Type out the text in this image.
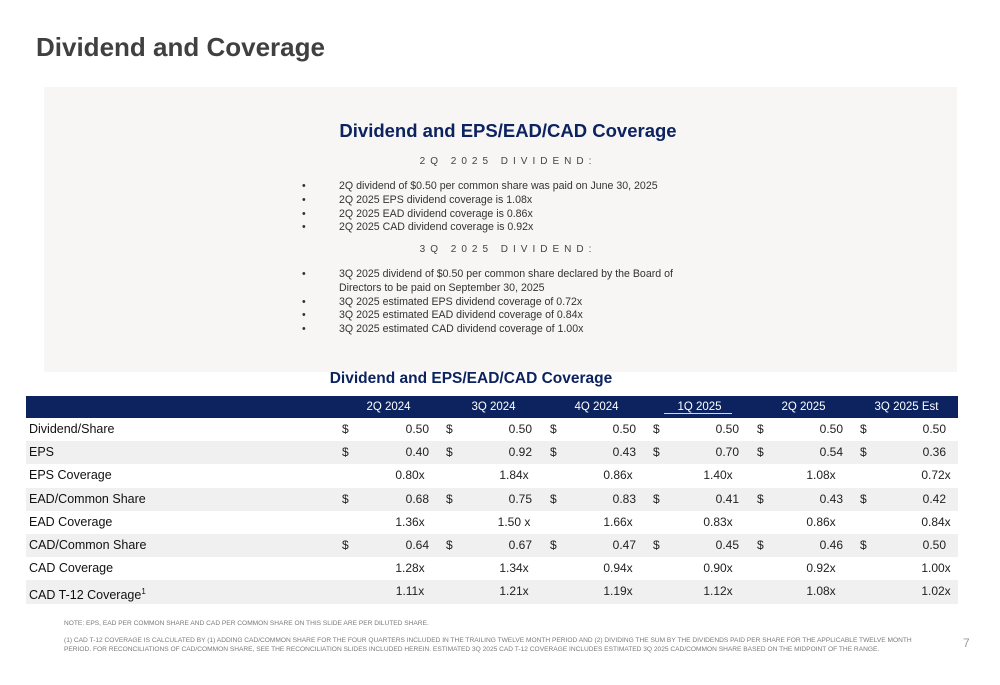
Dividend and Coverage
Dividend and EPS/EAD/CAD Coverage
2Q 2025 DIVIDEND:
•	2Q dividend of $0.50 per common share was paid on June 30, 2025
•	2Q 2025 EPS dividend coverage is 1.08x
•	2Q 2025 EAD dividend coverage is 0.86x
•	2Q 2025 CAD dividend coverage is 0.92x
3Q 2025 DIVIDEND:
•	3Q 2025 dividend of $0.50 per common share declared by the Board of
Directors to be paid on September 30, 2025
•	3Q 2025 estimated EPS dividend coverage of 0.72x
•	3Q 2025 estimated EAD dividend coverage of 0.84x
•	3Q 2025 estimated CAD dividend coverage of 1.00x
Dividend and EPS/EAD/CAD Coverage
2Q 2024	3Q 2024	4Q 2024	1Q 2025	2Q 2025	3Q 2025 Est
Dividend/Share	$	0.50 $	0.50 $	0.50 $	0.50 $	0.50 $	0.50
EPS	$	0.40 $	0.92 $	0.43 $	0.70 $	0.54 $	0.36
EPS Coverage	0.80x	1.84x	0.86x	1.40x	1.08x	0.72x
EAD/Common Share	$	0.68 $	0.75 $	0.83 $	0.41 $	0.43 $	0.42
EAD Coverage	1.36x	1.50 x	1.66x	0.83x	0.86x	0.84x
CAD/Common Share	$	0.64 $	0.67 $	0.47 $	0.45 $	0.46 $	0.50
CAD Coverage	1.28x	1.34x	0.94x	0.90x	0.92x	1.00x
CAD T-12 Coverage$^1$	1.11x	1.21x	1.19x	1.12x	1.08x	1.02x
NOTE: EPS, EAD PER COMMON SHARE AND CAD PER COMMON SHARE ON THIS SLIDE ARE PER DILUTED SHARE.
(1) CAD T-12 COVERAGE IS CALCULATED BY (1) ADDING CAD/COMMON SHARE FOR THE FOUR QUARTERS INCLUDED IN THE TRAILING TWELVE MONTH PERIOD AND (2) DIVIDING THE SUM BY THE DIVIDENDS PAID PER SHARE FOR THE APPLICABLE TWELVE MONTH PERIOD. FOR RECONCILIATIONS OF CAD/COMMON SHARE, SEE THE RECONCILIATION SLIDES INCLUDED HEREIN. ESTIMATED 3Q 2025 CAD T-12 COVERAGE INCLUDES ESTIMATED 3Q 2025 CAD/COMMON SHARE BASED ON THE MIDPOINT OF THE RANGE.	7
